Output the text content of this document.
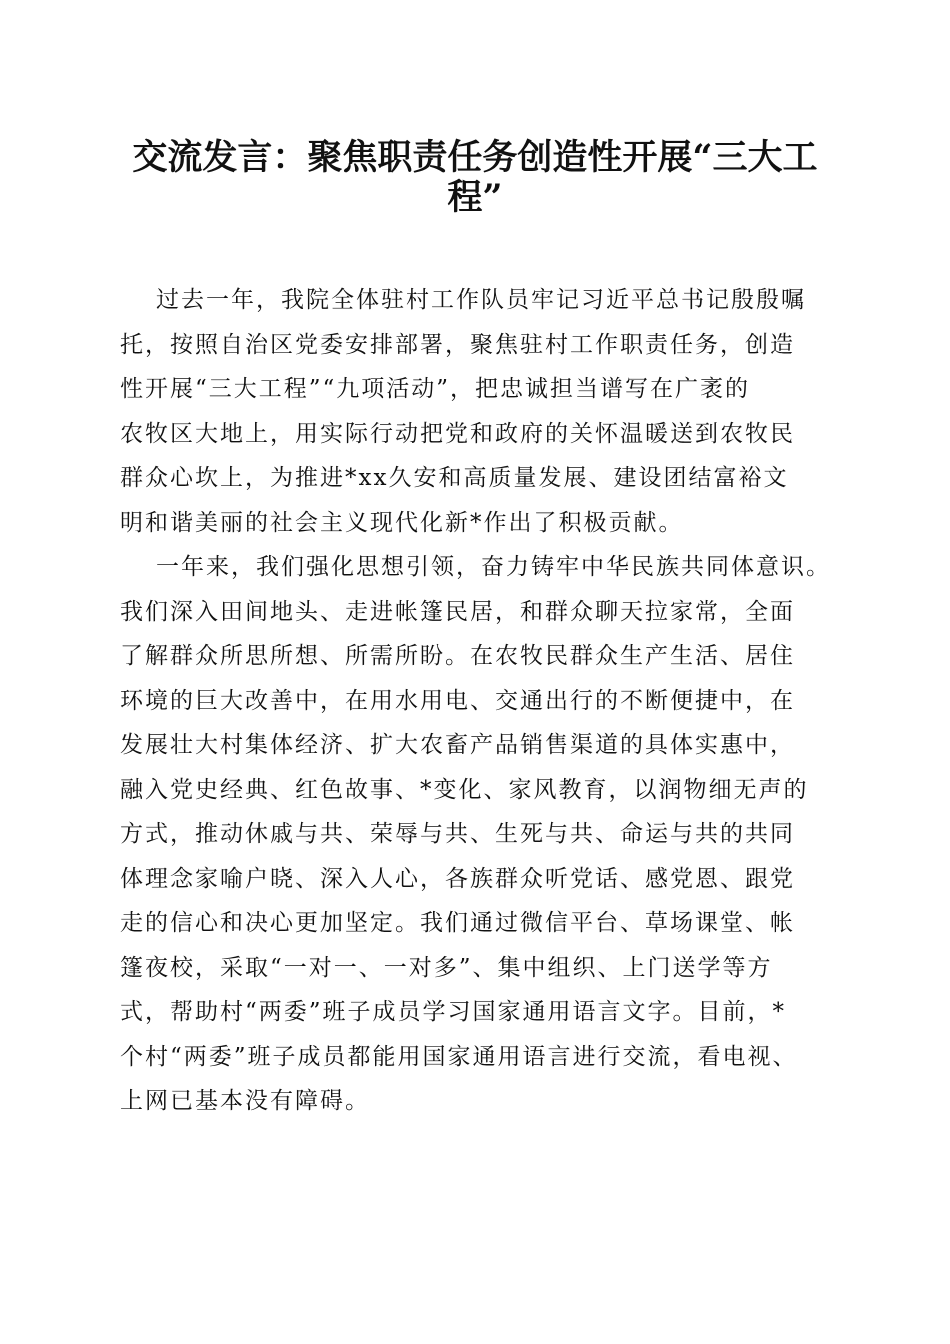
交流发言：聚焦职责任务创造性开展“三大工
程”
过去一年，我院全体驻村工作队员牢记习近平总书记殷殷嘱
托，按照自治区党委安排部署，聚焦驻村工作职责任务，创造
性开展“三大工程”“九项活动”，把忠诚担当谱写在广袤的
农牧区大地上，用实际行动把党和政府的关怀温暖送到农牧民
群众心坎上，为推进*xx久安和高质量发展、建设团结富裕文
明和谐美丽的社会主义现代化新*作出了积极贡献。
一年来，我们强化思想引领，奋力铸牢中华民族共同体意识。
我们深入田间地头、走进帐篷民居，和群众聊天拉家常，全面
了解群众所思所想、所需所盼。在农牧民群众生产生活、居住
环境的巨大改善中，在用水用电、交通出行的不断便捷中，在
发展壮大村集体经济、扩大农畜产品销售渠道的具体实惠中，
融入党史经典、红色故事、*变化、家风教育，以润物细无声的
方式，推动休戚与共、荣辱与共、生死与共、命运与共的共同
体理念家喻户晓、深入人心，各族群众听党话、感党恩、跟党
走的信心和决心更加坚定。我们通过微信平台、草场课堂、帐
篷夜校，采取“一对一、一对多”、集中组织、上门送学等方
式，帮助村“两委”班子成员学习国家通用语言文字。目前，*
个村“两委”班子成员都能用国家通用语言进行交流，看电视、
上网已基本没有障碍。
